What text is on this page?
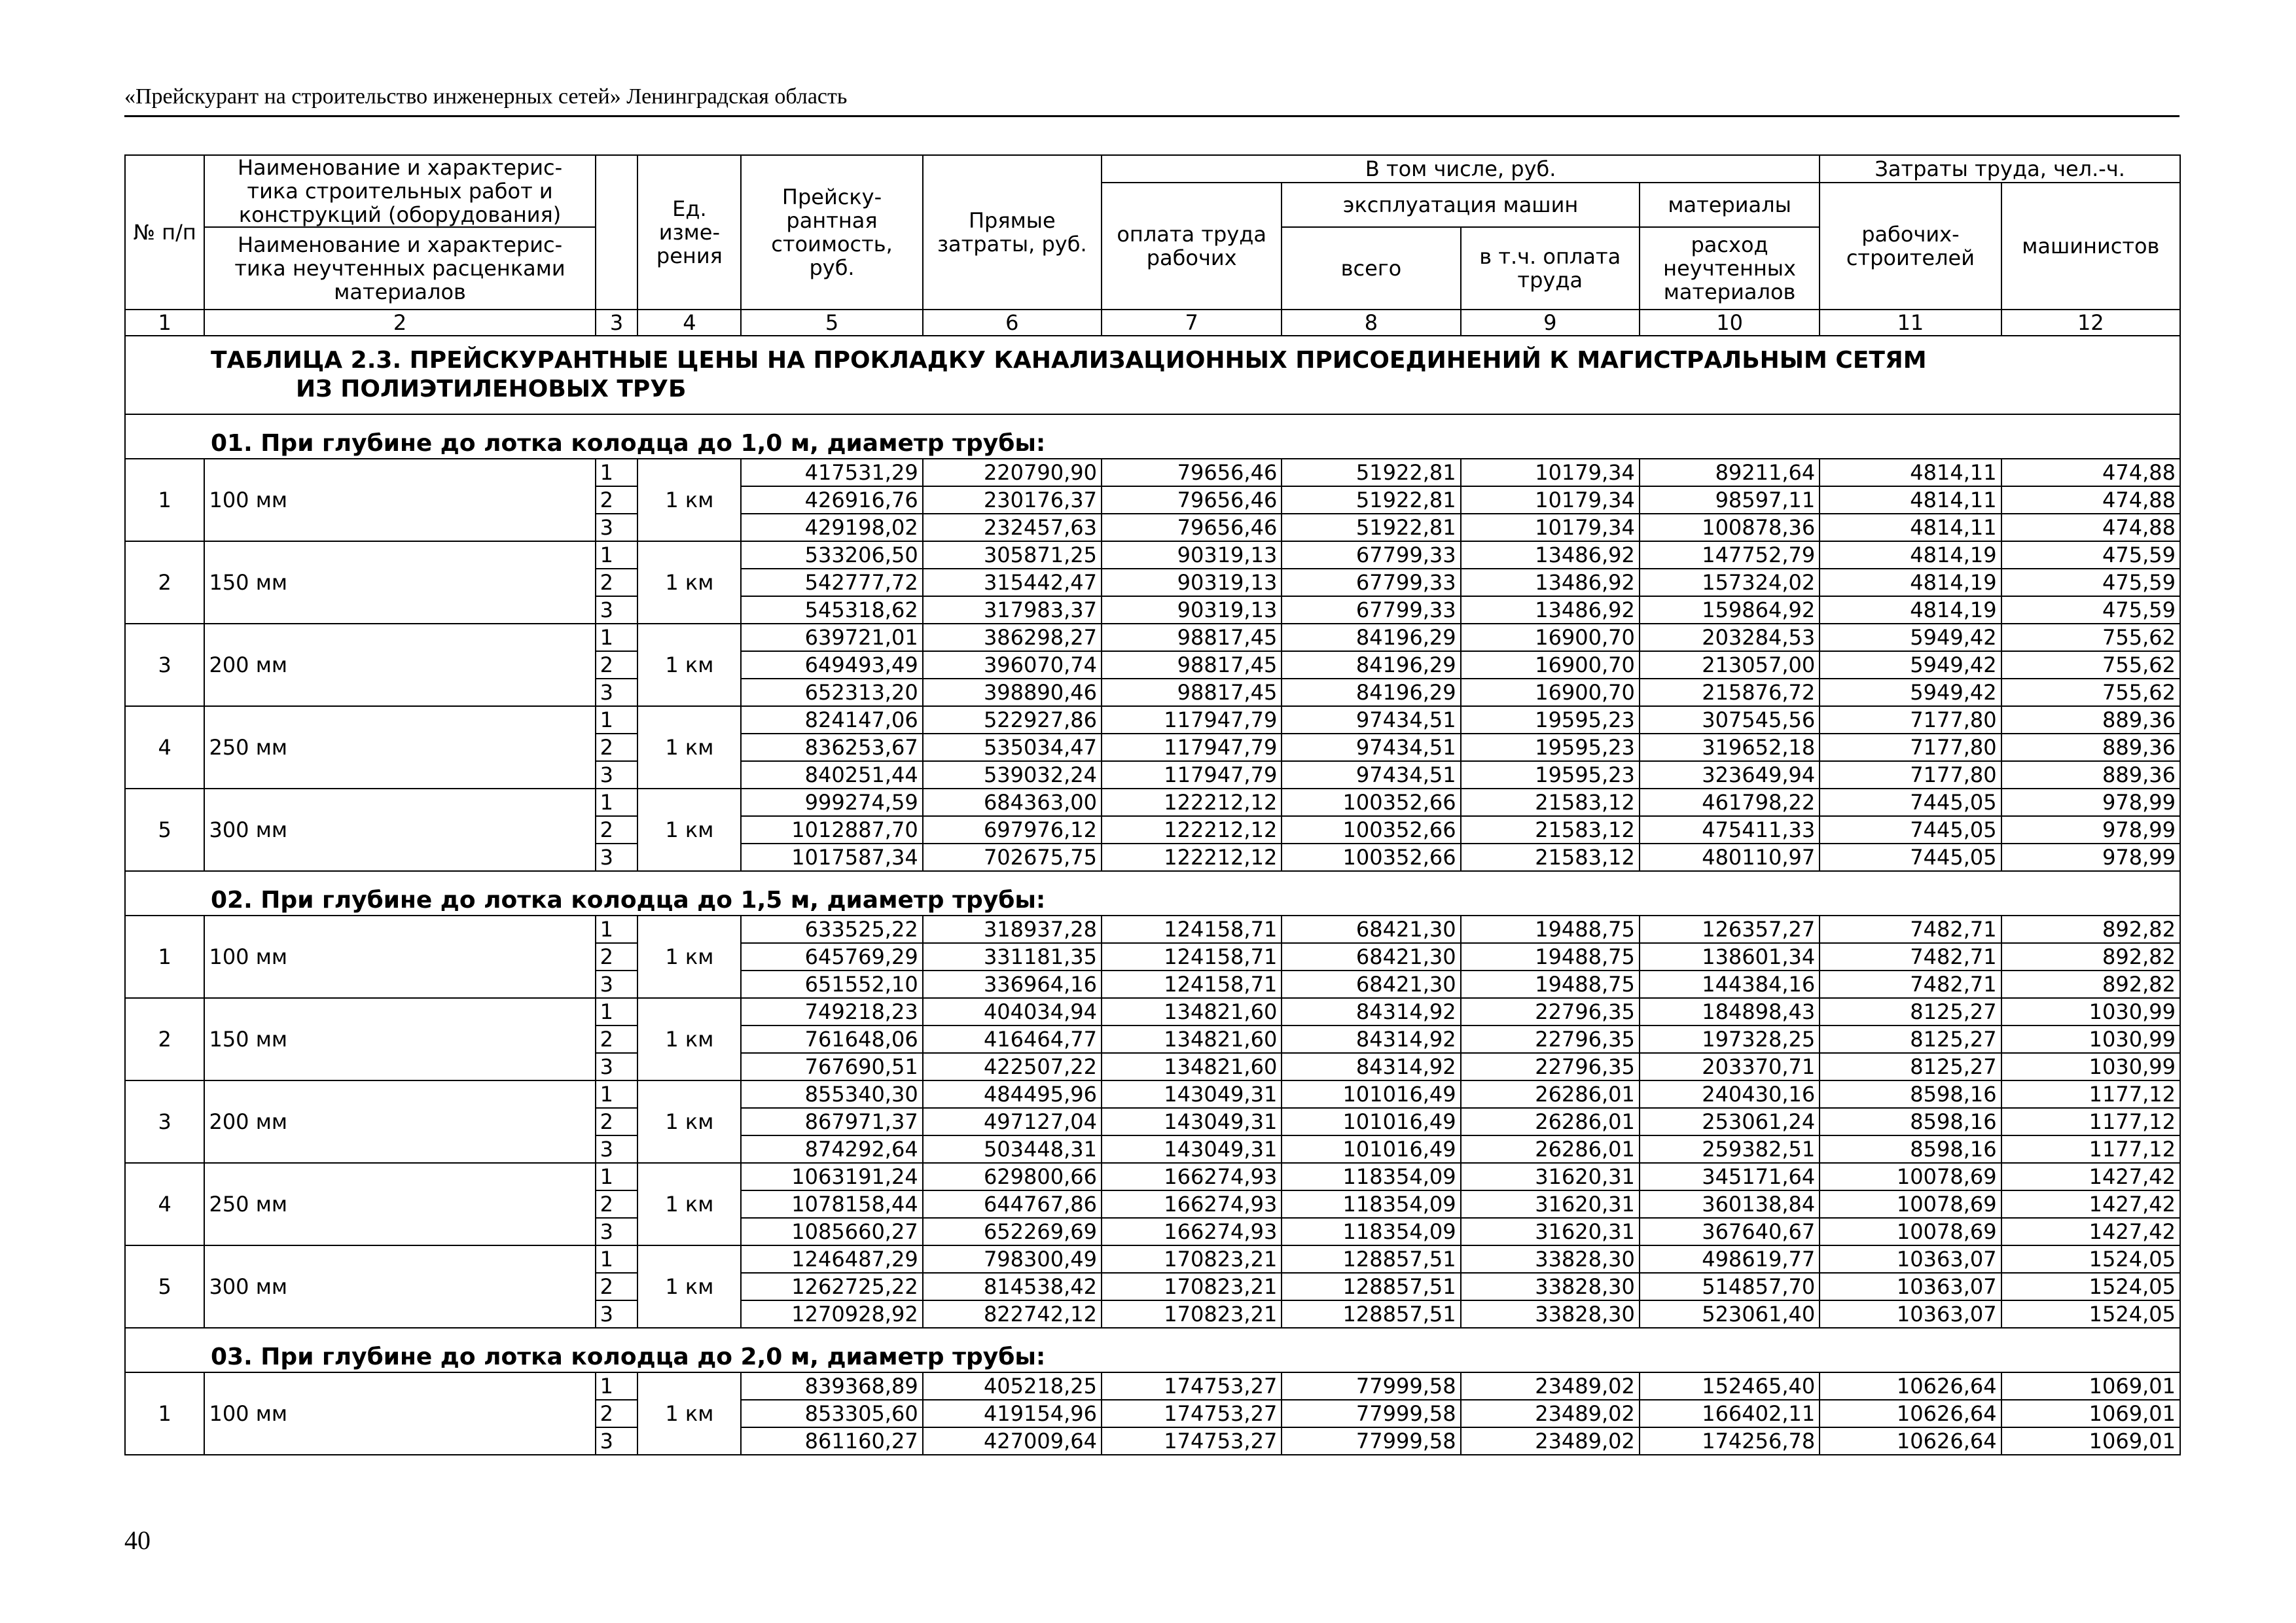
«Прейскурант на строительство инженерных сетей» Ленинградская область
№ п/п	Наименование и характерис- тика строительных работ и конструкций (оборудования)		Ед. изме- рения	Прейску- рантная стоимость, руб.	Прямые затраты, руб.	В том числе, руб.				Затраты труда, чел.-ч.	
						оплата труда рабочих	эксплуатация машин		материалы	рабочих- строителей	машинистов
	Наименование и характерис- тика неучтенных расценками материалов						всего	в т.ч. оплата труда	расход неучтенных материалов		

1	2	3	4	5	6	7	8	9	10	11	12

ТАБЛИЦА 2.3. ПРЕЙСКУРАНТНЫЕ ЦЕНЫ НА ПРОКЛАДКУ КАНАЛИЗАЦИОННЫХ ПРИСОЕДИНЕНИЙ К МАГИСТРАЛЬНЫМ СЕТЯМ
ИЗ ПОЛИЭТИЛЕНОВЫХ ТРУБ											

01. При глубине до лотка колодца до 1,0 м, диаметр трубы:											
1	100 мм	1	1 км	417531,29	220790,90	79656,46	51922,81	10179,34	89211,64	4814,11	474,88
		2		426916,76	230176,37	79656,46	51922,81	10179,34	98597,11	4814,11	474,88
		3		429198,02	232457,63	79656,46	51922,81	10179,34	100878,36	4814,11	474,88
2	150 мм	1	1 км	533206,50	305871,25	90319,13	67799,33	13486,92	147752,79	4814,19	475,59
		2		542777,72	315442,47	90319,13	67799,33	13486,92	157324,02	4814,19	475,59
		3		545318,62	317983,37	90319,13	67799,33	13486,92	159864,92	4814,19	475,59
3	200 мм	1	1 км	639721,01	386298,27	98817,45	84196,29	16900,70	203284,53	5949,42	755,62
		2		649493,49	396070,74	98817,45	84196,29	16900,70	213057,00	5949,42	755,62
		3		652313,20	398890,46	98817,45	84196,29	16900,70	215876,72	5949,42	755,62
4	250 мм	1	1 км	824147,06	522927,86	117947,79	97434,51	19595,23	307545,56	7177,80	889,36
		2		836253,67	535034,47	117947,79	97434,51	19595,23	319652,18	7177,80	889,36
		3		840251,44	539032,24	117947,79	97434,51	19595,23	323649,94	7177,80	889,36
5	300 мм	1	1 км	999274,59	684363,00	122212,12	100352,66	21583,12	461798,22	7445,05	978,99
		2		1012887,70	697976,12	122212,12	100352,66	21583,12	475411,33	7445,05	978,99
		3		1017587,34	702675,75	122212,12	100352,66	21583,12	480110,97	7445,05	978,99
02. При глубине до лотка колодца до 1,5 м, диаметр трубы:											
1	100 мм	1	1 км	633525,22	318937,28	124158,71	68421,30	19488,75	126357,27	7482,71	892,82
		2		645769,29	331181,35	124158,71	68421,30	19488,75	138601,34	7482,71	892,82
		3		651552,10	336964,16	124158,71	68421,30	19488,75	144384,16	7482,71	892,82
2	150 мм	1	1 км	749218,23	404034,94	134821,60	84314,92	22796,35	184898,43	8125,27	1030,99
		2		761648,06	416464,77	134821,60	84314,92	22796,35	197328,25	8125,27	1030,99
		3		767690,51	422507,22	134821,60	84314,92	22796,35	203370,71	8125,27	1030,99
3	200 мм	1	1 км	855340,30	484495,96	143049,31	101016,49	26286,01	240430,16	8598,16	1177,12
		2		867971,37	497127,04	143049,31	101016,49	26286,01	253061,24	8598,16	1177,12
		3		874292,64	503448,31	143049,31	101016,49	26286,01	259382,51	8598,16	1177,12
4	250 мм	1	1 км	1063191,24	629800,66	166274,93	118354,09	31620,31	345171,64	10078,69	1427,42
		2		1078158,44	644767,86	166274,93	118354,09	31620,31	360138,84	10078,69	1427,42
		3		1085660,27	652269,69	166274,93	118354,09	31620,31	367640,67	10078,69	1427,42
5	300 мм	1	1 км	1246487,29	798300,49	170823,21	128857,51	33828,30	498619,77	10363,07	1524,05
		2		1262725,22	814538,42	170823,21	128857,51	33828,30	514857,70	10363,07	1524,05
		3		1270928,92	822742,12	170823,21	128857,51	33828,30	523061,40	10363,07	1524,05
03. При глубине до лотка колодца до 2,0 м, диаметр трубы:											
1	100 мм	1	1 км	839368,89	405218,25	174753,27	77999,58	23489,02	152465,40	10626,64	1069,01
		2		853305,60	419154,96	174753,27	77999,58	23489,02	166402,11	10626,64	1069,01
		3		861160,27	427009,64	174753,27	77999,58	23489,02	174256,78	10626,64	1069,01
40
